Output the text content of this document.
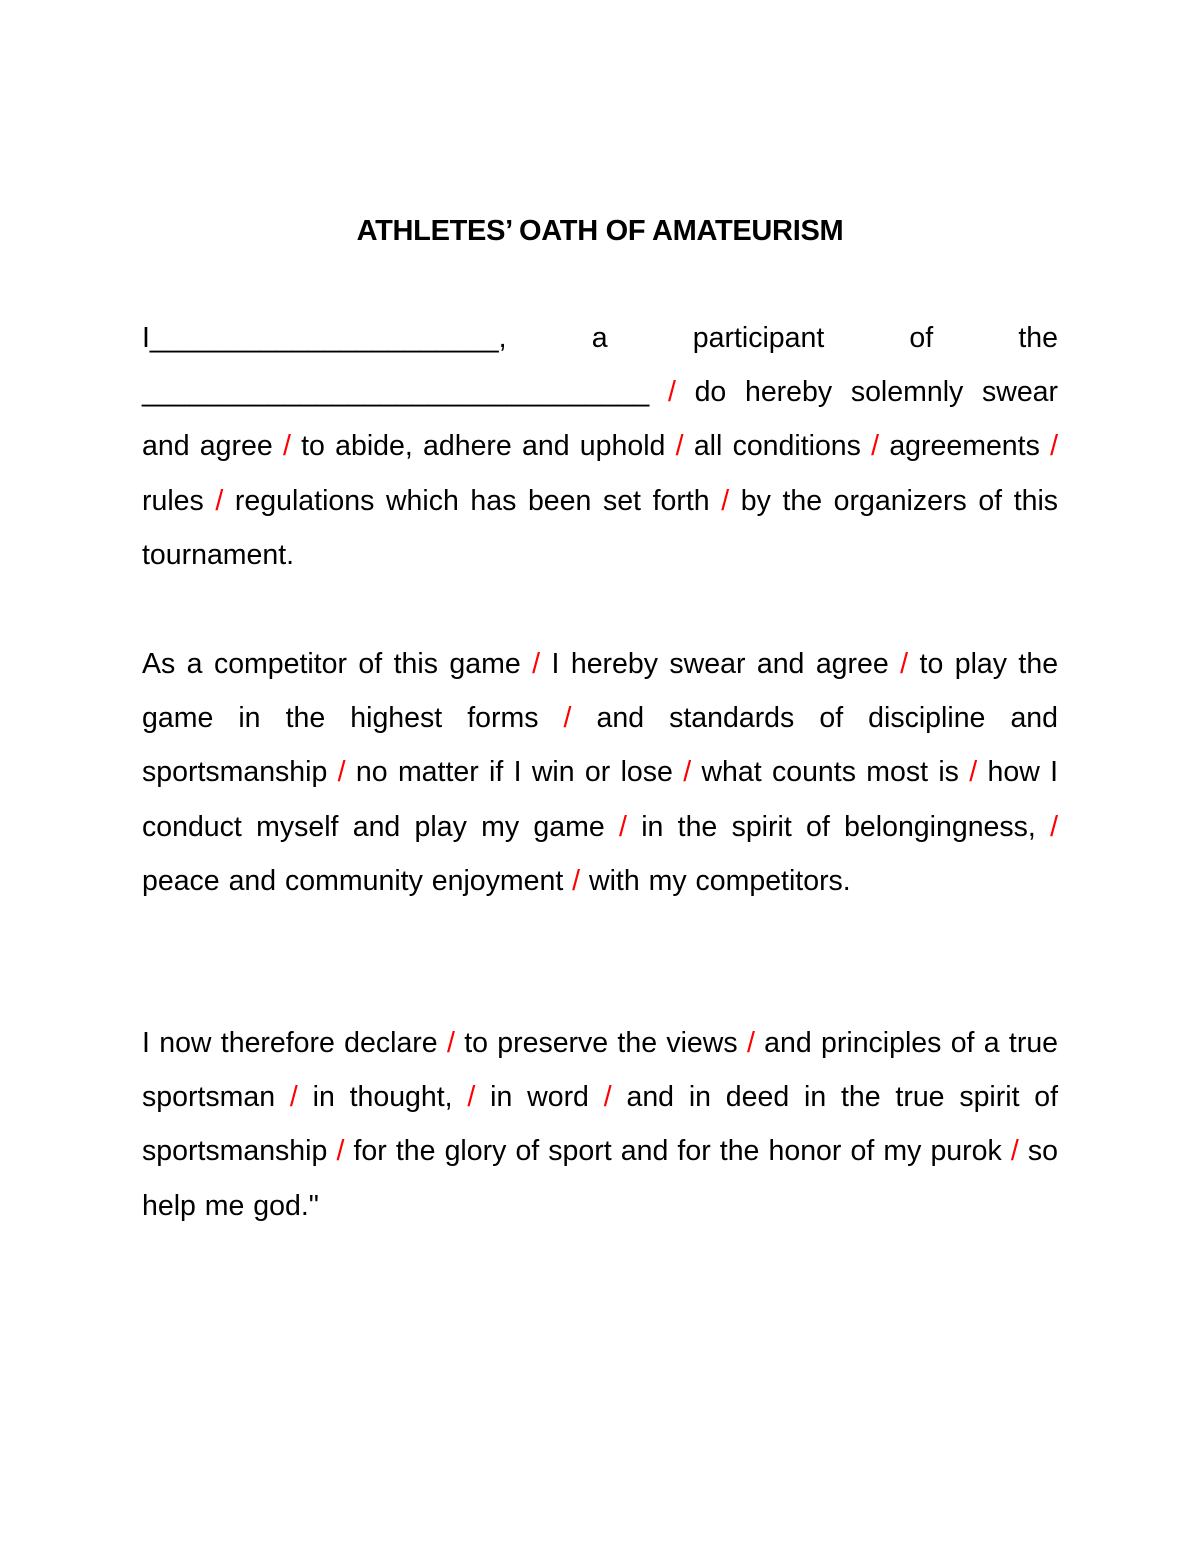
ATHLETES’ OATH OF AMATEURISM
I______________________, a participant of the ________________________________ / do hereby solemnly swear and agree / to abide, adhere and uphold / all conditions / agreements / rules / regulations which has been set forth / by the organizers of this tournament.
As a competitor of this game / I hereby swear and agree / to play the game in the highest forms / and standards of discipline and sportsmanship / no matter if I win or lose / what counts most is / how I conduct myself and play my game / in the spirit of belongingness, / peace and community enjoyment / with my competitors.
I now therefore declare / to preserve the views / and principles of a true sportsman / in thought, / in word / and in deed in the true spirit of sportsmanship / for the glory of sport and for the honor of my purok / so help me god."
